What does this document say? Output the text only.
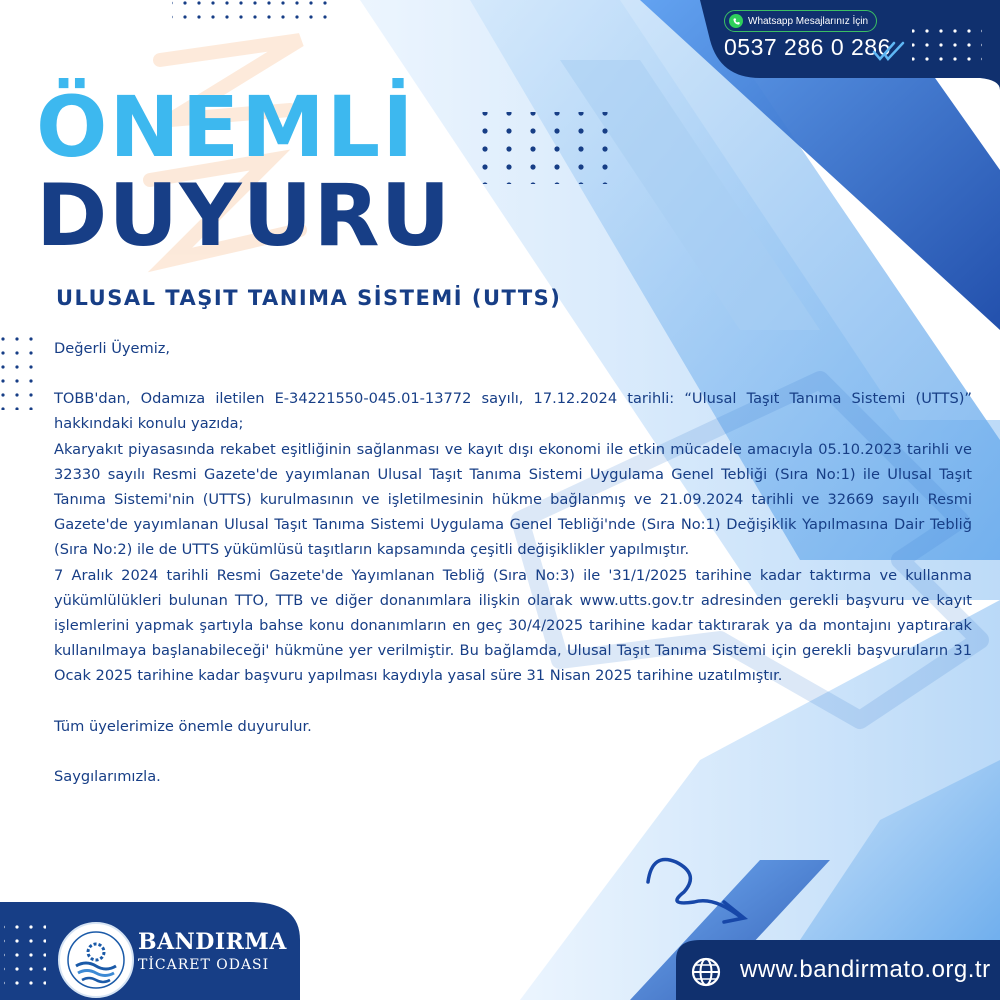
ÖNEMLİ
DUYURU
Whatsapp Mesajlarınız İçin
0537 286 0 286
ULUSAL TAŞIT TANIMA SİSTEMİ (UTTS)

Değerli Üyemiz,

TOBB'dan, Odamıza iletilen E-34221550-045.01-13772 sayılı, 17.12.2024 tarihli: “Ulusal Taşıt Tanıma Sistemi (UTTS)” hakkındaki konulu yazıda;

Akaryakıt piyasasında rekabet eşitliğinin sağlanması ve kayıt dışı ekonomi ile etkin mücadele amacıyla 05.10.2023 tarihli ve 32330 sayılı Resmi Gazete'de yayımlanan Ulusal Taşıt Tanıma Sistemi Uygulama Genel Tebliği (Sıra No:1) ile Ulusal Taşıt Tanıma Sistemi'nin (UTTS) kurulmasının ve işletilmesinin hükme bağlanmış ve 21.09.2024 tarihli ve 32669 sayılı Resmi Gazete'de yayımlanan Ulusal Taşıt Tanıma Sistemi Uygulama Genel Tebliği'nde (Sıra No:1) Değişiklik Yapılmasına Dair Tebliğ (Sıra No:2) ile de UTTS yükümlüsü taşıtların kapsamında çeşitli değişiklikler yapılmıştır.

7 Aralık 2024 tarihli Resmi Gazete'de Yayımlanan Tebliğ (Sıra No:3) ile '31/1/2025 tarihine kadar taktırma ve kullanma yükümlülükleri bulunan TTO, TTB ve diğer donanımlara ilişkin olarak www.utts.gov.tr adresinden gerekli başvuru ve kayıt işlemlerini yapmak şartıyla bahse konu donanımların en geç 30/4/2025 tarihine kadar taktırarak ya da montajını yaptırarak kullanılmaya başlanabileceği' hükmüne yer verilmiştir. Bu bağlamda, Ulusal Taşıt Tanıma Sistemi için gerekli başvuruların 31 Ocak 2025 tarihine kadar başvuru yapılması kaydıyla yasal süre 31 Nisan 2025 tarihine uzatılmıştır.

Tüm üyelerimize önemle duyurulur.

Saygılarımızla.

BANDIRMA
TİCARET ODASI	www.bandirmato.org.tr
